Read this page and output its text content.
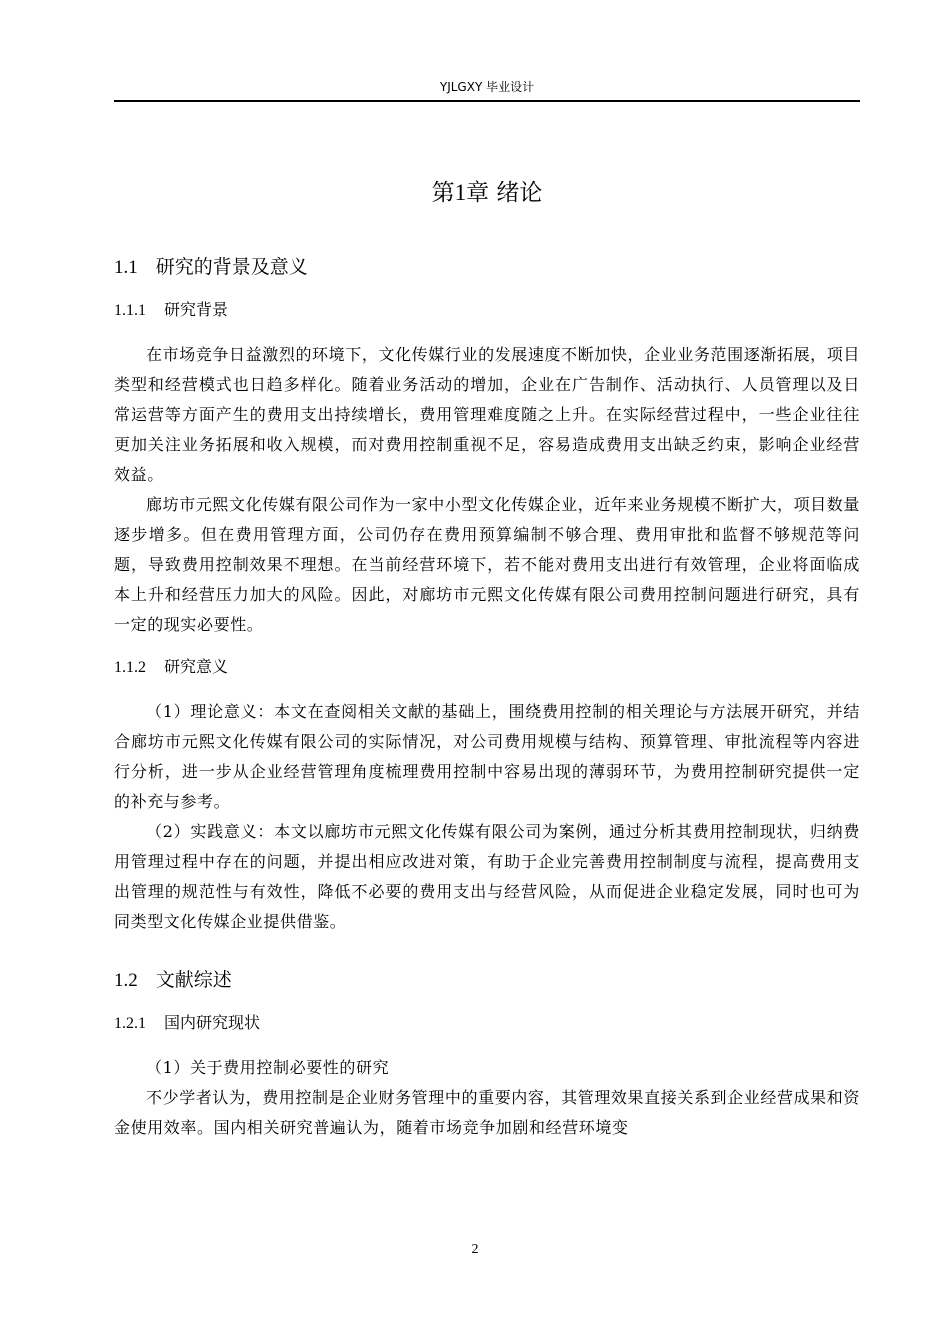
YJLGXY 毕业设计
第1章 绪论
1.1 研究的背景及意义
1.1.1 研究背景

在市场竞争日益激烈的环境下，文化传媒行业的发展速度不断加快，企业业务范围逐渐拓展，项目类型和经营模式也日趋多样化。随着业务活动的增加，企业在广告制作、活动执行、人员管理以及日常运营等方面产生的费用支出持续增长，费用管理难度随之上升。在实际经营过程中，一些企业往往更加关注业务拓展和收入规模，而对费用控制重视不足，容易造成费用支出缺乏约束，影响企业经营效益。

廊坊市元熙文化传媒有限公司作为一家中小型文化传媒企业，近年来业务规模不断扩大，项目数量逐步增多。但在费用管理方面，公司仍存在费用预算编制不够合理、费用审批和监督不够规范等问题，导致费用控制效果不理想。在当前经营环境下，若不能对费用支出进行有效管理，企业将面临成本上升和经营压力加大的风险。因此，对廊坊市元熙文化传媒有限公司费用控制问题进行研究，具有一定的现实必要性。

1.1.2 研究意义

（1）理论意义：本文在查阅相关文献的基础上，围绕费用控制的相关理论与方法展开研究，并结合廊坊市元熙文化传媒有限公司的实际情况，对公司费用规模与结构、预算管理、审批流程等内容进行分析，进一步从企业经营管理角度梳理费用控制中容易出现的薄弱环节，为费用控制研究提供一定的补充与参考。

（2）实践意义：本文以廊坊市元熙文化传媒有限公司为案例，通过分析其费用控制现状，归纳费用管理过程中存在的问题，并提出相应改进对策，有助于企业完善费用控制制度与流程，提高费用支出管理的规范性与有效性，降低不必要的费用支出与经营风险，从而促进企业稳定发展，同时也可为同类型文化传媒企业提供借鉴。

1.2 文献综述
1.2.1 国内研究现状

（1）关于费用控制必要性的研究

不少学者认为，费用控制是企业财务管理中的重要内容，其管理效果直接关系到企业经营成果和资金使用效率。国内相关研究普遍认为，随着市场竞争加剧和经营环境变

2
